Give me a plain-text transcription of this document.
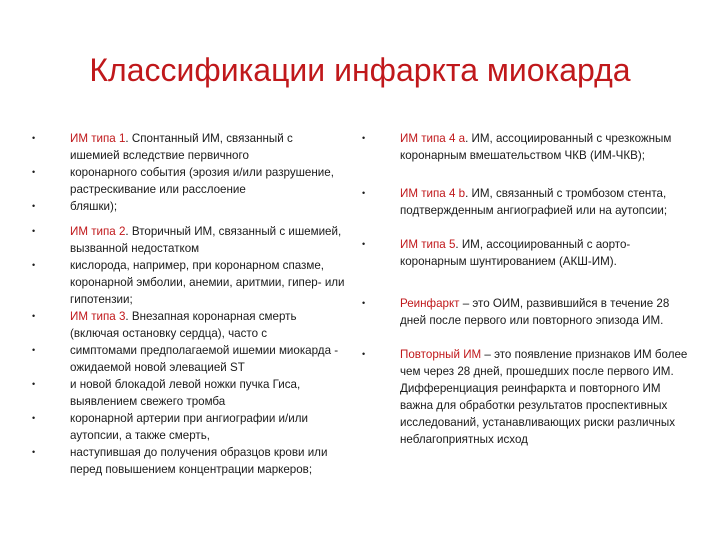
Классификации инфаркта миокарда
•	ИМ типа 1. Спонтанный ИМ, связанный с ишемией вследствие первичного
•	коронарного события (эрозия и/или разрушение, растрескивание или расслоение
•	бляшки);
•	ИМ типа 2. Вторичный ИМ, связанный с ишемией, вызванной недостатком
•	кислорода, например, при коронарном спазме, коронарной эмболии, анемии, аритмии, гипер- или гипотензии;
•	ИМ типа 3. Внезапная коронарная смерть (включая остановку сердца), часто с
•	симптомами предполагаемой ишемии миокарда - ожидаемой новой элевацией ST
•	и новой блокадой левой ножки пучка Гиса, выявлением свежего тромба
•	коронарной артерии при ангиографии и/или аутопсии, а также смерть,
•	наступившая до получения образцов крови или перед повышением концентрации маркеров;
•	ИМ типа 4 a. ИМ, ассоциированный с чрезкожным коронарным вмешательством ЧКВ (ИМ-ЧКВ);
•	ИМ типа 4 b. ИМ, связанный с тромбозом стента, подтвержденным ангиографией или на аутопсии;
•	ИМ типа 5. ИМ, ассоциированный с аорто-коронарным шунтированием (АКШ-ИМ).
•	Реинфаркт – это ОИМ, развившийся в течение 28 дней после первого или повторного эпизода ИМ.
•	Повторный ИМ – это появление признаков ИМ более чем через 28 дней, прошедших после первого ИМ. Дифференциация реинфаркта и повторного ИМ важна для обработки результатов проспективных исследований, устанавливающих риски различных неблагоприятных исход
